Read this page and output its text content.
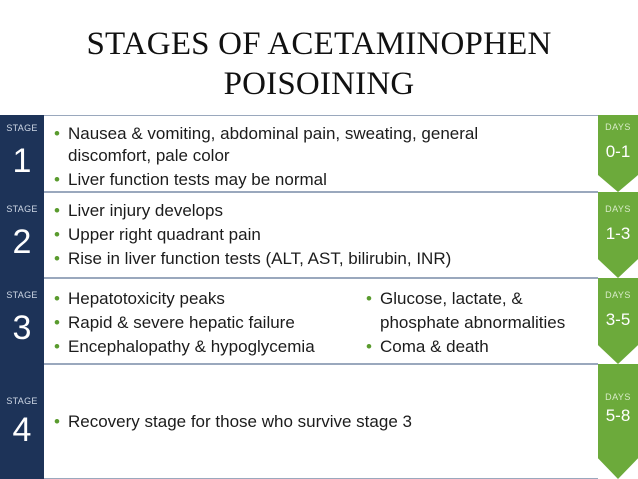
STAGES OF ACETAMINOPHEN
POISOINING
STAGE
1
• Nausea & vomiting, abdominal pain, sweating, general
discomfort, pale color
• Liver function tests may be normal
DAYS
0-1
STAGE
2
• Liver injury develops
• Upper right quadrant pain
• Rise in liver function tests (ALT, AST, bilirubin, INR)
DAYS
1-3
STAGE
3
• Hepatotoxicity peaks
• Rapid & severe hepatic failure
• Encephalopathy & hypoglycemia
• Glucose, lactate, &
phosphate abnormalities
• Coma & death
DAYS
3-5
STAGE
4	• Recovery stage for those who survive stage 3
DAYS
5-8
